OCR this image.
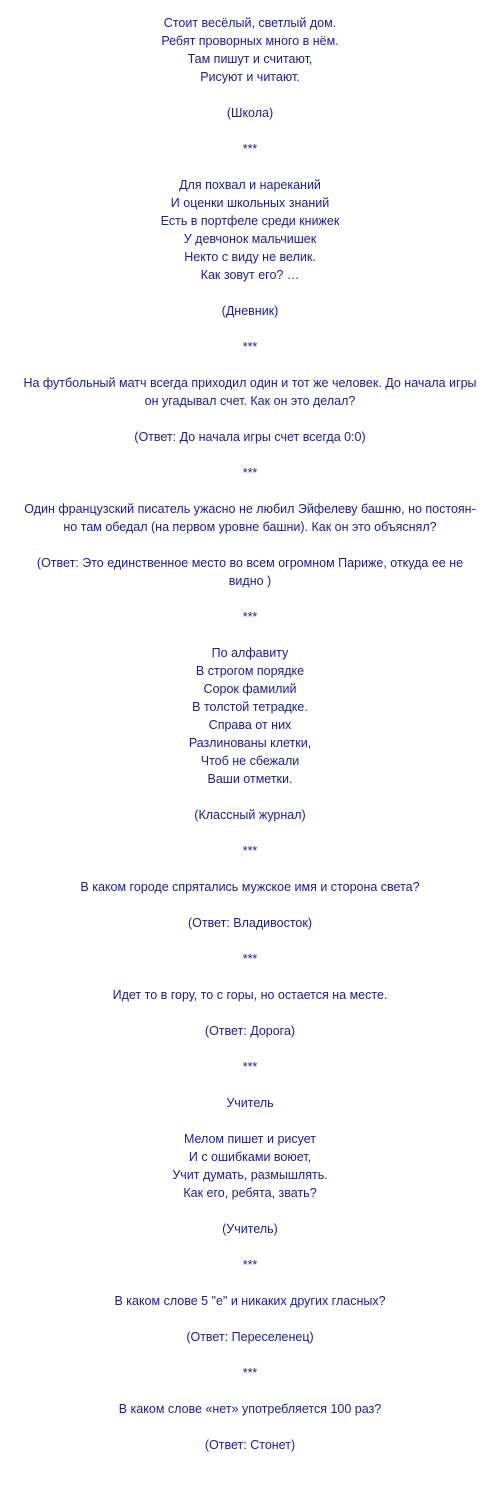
Стоит весёлый, светлый дом.
Ребят проворных много в нём.
Там пишут и считают,
Рисуют и читают.
(Школа)
***
Для похвал и нареканий
И оценки школьных знаний
Есть в портфеле среди книжек
У девчонок мальчишек
Некто с виду не велик.
Как зовут его? …
(Дневник)
***
На футбольный матч всегда приходил один и тот же человек. До начала игры
он угадывал счет. Как он это делал?
(Ответ: До начала игры счет всегда 0:0)
***
Один французский писатель ужасно не любил Эйфелеву башню, но постоян-
но там обедал (на первом уровне башни). Как он это объяснял?
(Ответ: Это единственное место во всем огромном Париже, откуда ее не
видно )
***
По алфавиту
В строгом порядке
Сорок фамилий
В толстой тетрадке.
Справа от них
Разлинованы клетки,
Чтоб не сбежали
Ваши отметки.
(Классный журнал)
***
В каком городе спрятались мужское имя и сторона света?
(Ответ: Владивосток)
***
Идет то в гору, то с горы, но остается на месте.
(Ответ: Дорога)
***
Учитель
Мелом пишет и рисует
И с ошибками воюет,
Учит думать, размышлять.
Как его, ребята, звать?
(Учитель)
***
В каком слове 5 "е" и никаких других гласных?
(Ответ: Переселенец)
***
В каком слове «нет» употребляется 100 раз?
(Ответ: Стонет)
